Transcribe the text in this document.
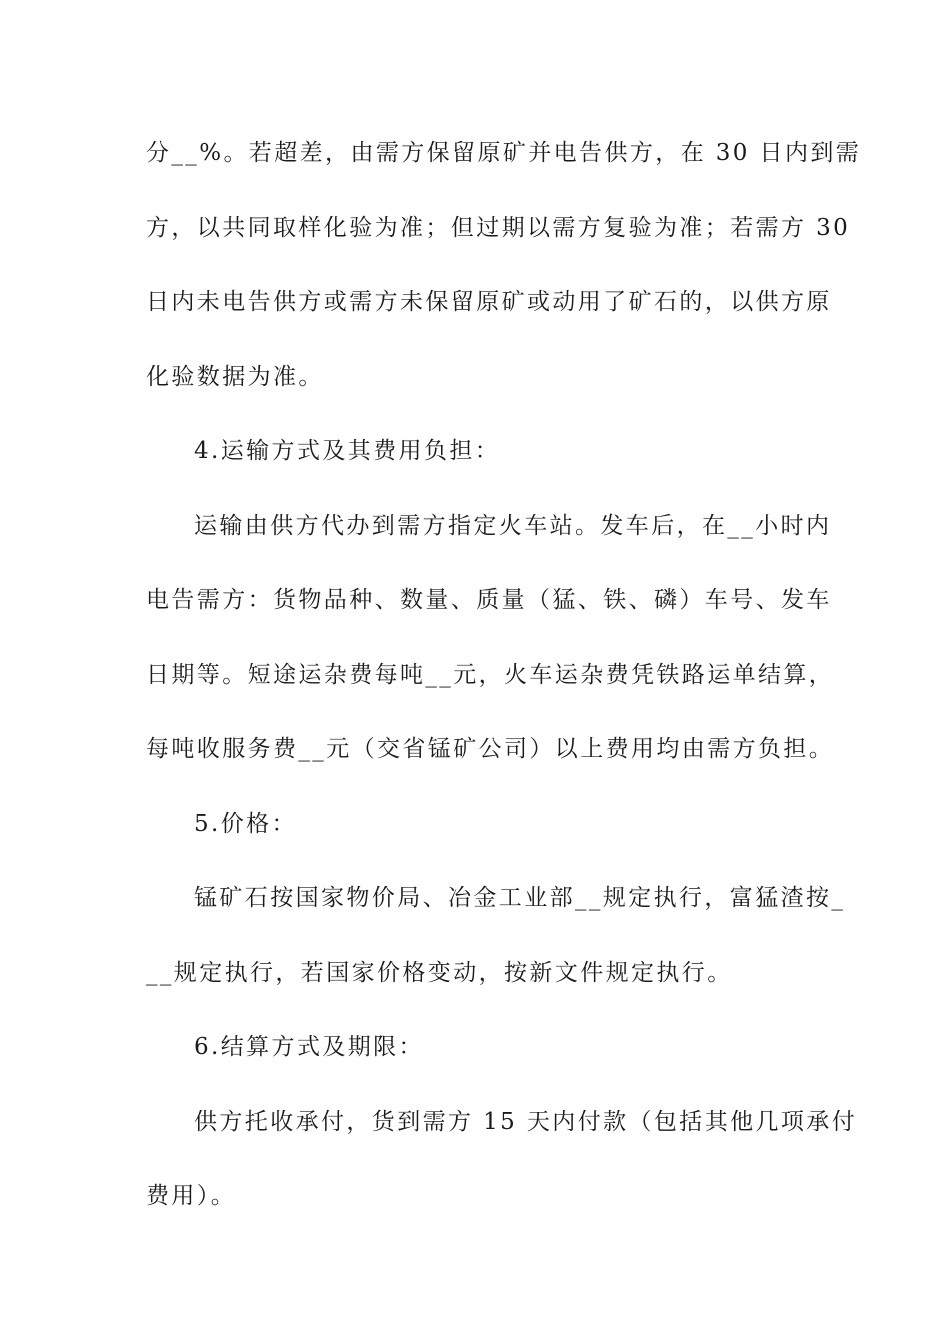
分__%。若超差，由需方保留原矿并电告供方，在 30 日内到需
方，以共同取样化验为准；但过期以需方复验为准；若需方 30
日内未电告供方或需方未保留原矿或动用了矿石的，以供方原
化验数据为准。
4.运输方式及其费用负担：
运输由供方代办到需方指定火车站。发车后，在__小时内
电告需方：货物品种、数量、质量（猛、铁、磷）车号、发车
日期等。短途运杂费每吨__元，火车运杂费凭铁路运单结算，
每吨收服务费__元（交省锰矿公司）以上费用均由需方负担。
5.价格：
锰矿石按国家物价局、冶金工业部__规定执行，富猛渣按_
__规定执行，若国家价格变动，按新文件规定执行。
6.结算方式及期限：
供方托收承付，货到需方 15 天内付款（包括其他几项承付
费用）。
